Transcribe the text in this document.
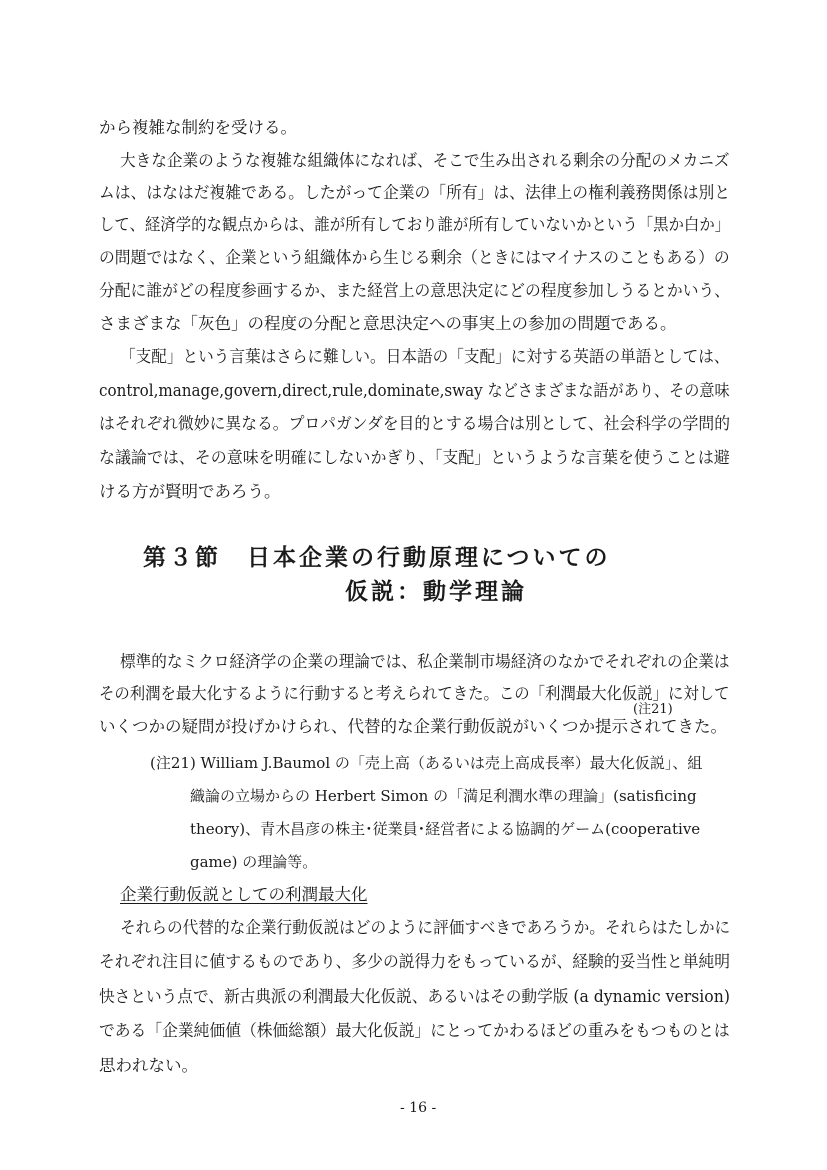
から複雑な制約を受ける。
大きな企業のような複雑な組織体になれば、そこで生み出される剰余の分配のメカニズ
ムは、はなはだ複雑である。したがって企業の「所有」は、法律上の権利義務関係は別と
して、経済学的な観点からは、誰が所有しており誰が所有していないかという「黒か白か」
の問題ではなく、企業という組織体から生じる剰余（ときにはマイナスのこともある）の
分配に誰がどの程度参画するか、また経営上の意思決定にどの程度参加しうるとかいう、
さまざまな「灰色」の程度の分配と意思決定への事実上の参加の問題である。
「支配」という言葉はさらに難しい。日本語の「支配」に対する英語の単語としては、
control,manage,govern,direct,rule,dominate,sway などさまざまな語があり、その意味
はそれぞれ微妙に異なる。プロパガンダを目的とする場合は別として、社会科学の学問的
な議論では、その意味を明確にしないかぎり、「支配」というような言葉を使うことは避
ける方が賢明であろう。
第３節　日本企業の行動原理についての
仮説：動学理論
標準的なミクロ経済学の企業の理論では、私企業制市場経済のなかでそれぞれの企業は
その利潤を最大化するように行動すると考えられてきた。この「利潤最大化仮説」に対して
(注21)
いくつかの疑問が投げかけられ、代替的な企業行動仮説がいくつか提示されてきた。
(注21) William J.Baumol の「売上高（あるいは売上高成長率）最大化仮説」、組
織論の立場からの Herbert Simon の「満足利潤水準の理論」(satisficing
theory)、青木昌彦の株主･従業員･経営者による協調的ゲーム(cooperative
game) の理論等。
企業行動仮説としての利潤最大化
それらの代替的な企業行動仮説はどのように評価すべきであろうか。それらはたしかに
それぞれ注目に値するものであり、多少の説得力をもっているが、経験的妥当性と単純明
快さという点で、新古典派の利潤最大化仮説、あるいはその動学版 (a dynamic version)
である「企業純価値（株価総額）最大化仮説」にとってかわるほどの重みをもつものとは
思われない。
- 16 -
